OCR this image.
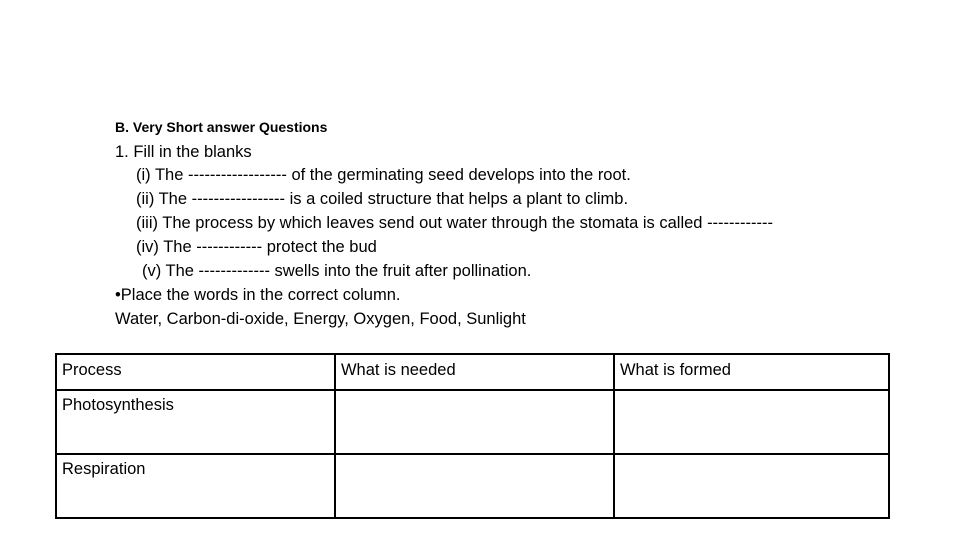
B. Very Short answer Questions
1. Fill in the blanks
(i) The ------------------ of the germinating seed develops into the root.
(ii) The ----------------- is a coiled structure that helps a plant to climb.
(iii) The process by which leaves send out water through the stomata is called ------------
(iv) The ------------ protect the bud
(v) The ------------- swells into the fruit after pollination.
•Place the words in the correct column.
Water, Carbon-di-oxide, Energy, Oxygen, Food, Sunlight
Process	What is needed	What is formed
Photosynthesis		
Respiration		
